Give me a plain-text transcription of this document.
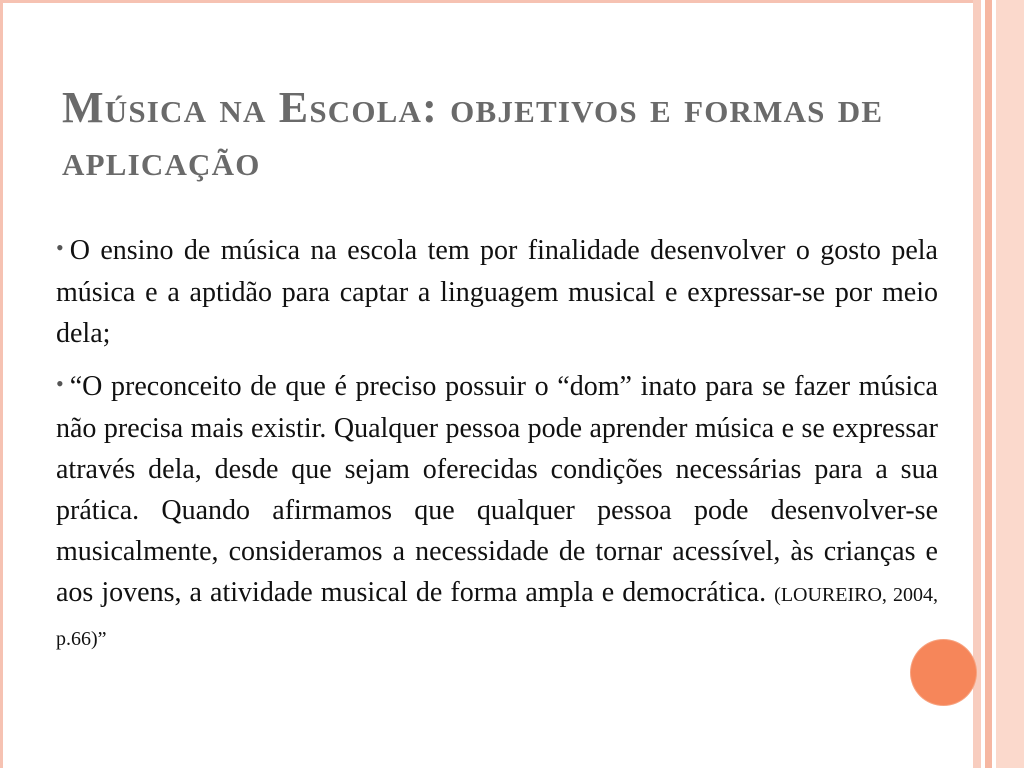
Música na Escola: objetivos e formas de aplicação

• O ensino de música na escola tem por finalidade desenvolver o gosto pela música e a aptidão para captar a linguagem musical e expressar-se por meio dela;

• “O preconceito de que é preciso possuir o “dom” inato para se fazer música não precisa mais existir. Qualquer pessoa pode aprender música e se expressar através dela, desde que sejam oferecidas condições necessárias para a sua prática. Quando afirmamos que qualquer pessoa pode desenvolver-se musicalmente, consideramos a necessidade de tornar acessível, às crianças e aos jovens, a atividade musical de forma ampla e democrática. (LOUREIRO, 2004, p.66)”
